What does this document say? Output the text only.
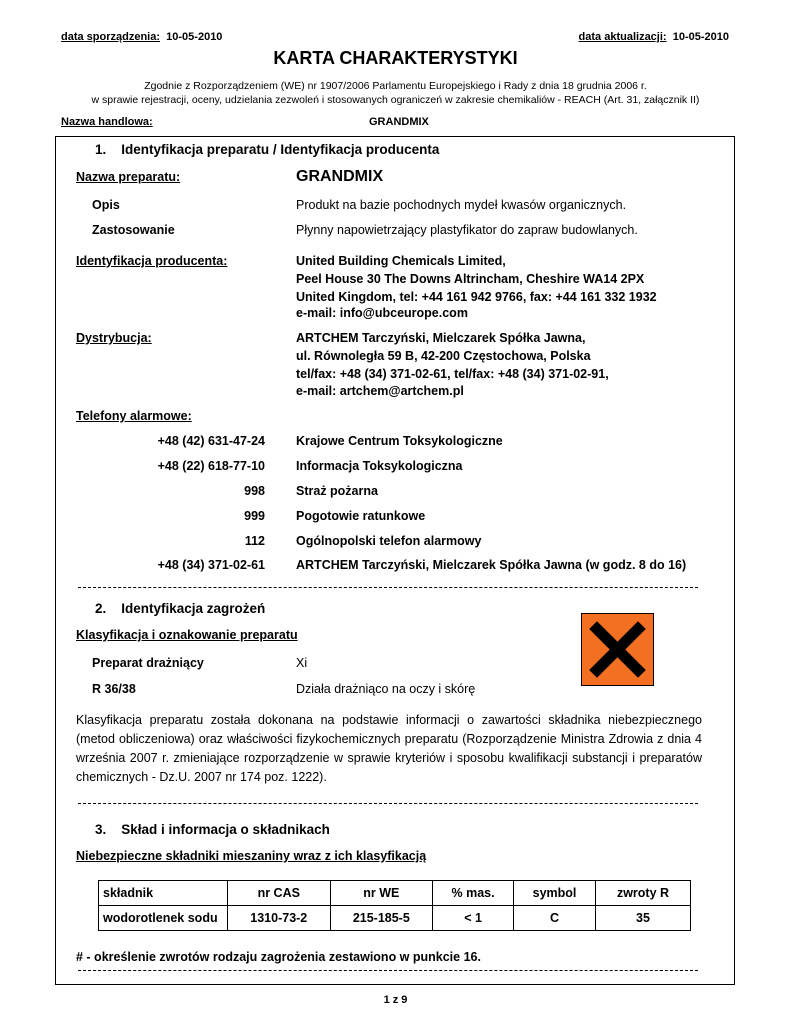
data sporządzenia: 10-05-2010	data aktualizacji: 10-05-2010
KARTA CHARAKTERYSTYKI
Zgodnie z Rozporządzeniem (WE) nr 1907/2006 Parlamentu Europejskiego i Rady z dnia 18 grudnia 2006 r.
w sprawie rejestracji, oceny, udzielania zezwoleń i stosowanych ograniczeń w zakresie chemikaliów - REACH (Art. 31, załącznik II)
Nazwa handlowa:	GRANDMIX
1.    Identyfikacja preparatu / Identyfikacja producenta
Nazwa preparatu:	GRANDMIX
Opis	Produkt na bazie pochodnych mydeł kwasów organicznych.
Zastosowanie	Płynny napowietrzający plastyfikator do zapraw budowlanych.
Identyfikacja producenta:	United Building Chemicals Limited,
Peel House 30 The Downs Altrincham, Cheshire WA14 2PX
United Kingdom, tel: +44 161 942 9766, fax: +44 161 332 1932
e-mail: info@ubceurope.com
Dystrybucja:	ARTCHEM Tarczyński, Mielczarek Spółka Jawna,
ul. Równoległa 59 B, 42-200 Częstochowa, Polska
tel/fax: +48 (34) 371-02-61, tel/fax: +48 (34) 371-02-91,
e-mail: artchem@artchem.pl
Telefony alarmowe:
+48 (42) 631-47-24 Krajowe Centrum Toksykologiczne
+48 (22) 618-77-10 Informacja Toksykologiczna
998 Straż pożarna
999 Pogotowie ratunkowe
112 Ogólnopolski telefon alarmowy
+48 (34) 371-02-61 ARTCHEM Tarczyński, Mielczarek Spółka Jawna (w godz. 8 do 16)
2.    Identyfikacja zagrożeń
Klasyfikacja i oznakowanie preparatu
Preparat drażniący	Xi
R 36/38	Działa drażniąco na oczy i skórę
Klasyfikacja preparatu została dokonana na podstawie informacji o zawartości składnika niebezpiecznego (metod obliczeniowa) oraz właściwości fizykochemicznych preparatu (Rozporządzenie Ministra Zdrowia z dnia 4 września 2007 r. zmieniające rozporządzenie w sprawie kryteriów i sposobu kwalifikacji substancji i preparatów chemicznych - Dz.U. 2007 nr 174 poz. 1222).
3.    Skład i informacja o składnikach
Niebezpieczne składniki mieszaniny wraz z ich klasyfikacją
składnik	nr CAS	nr WE	% mas.	symbol	zwroty R
wodorotlenek sodu	1310-73-2	215-185-5	< 1	C	35
# - określenie zwrotów rodzaju zagrożenia zestawiono w punkcie 16.
1 z 9
